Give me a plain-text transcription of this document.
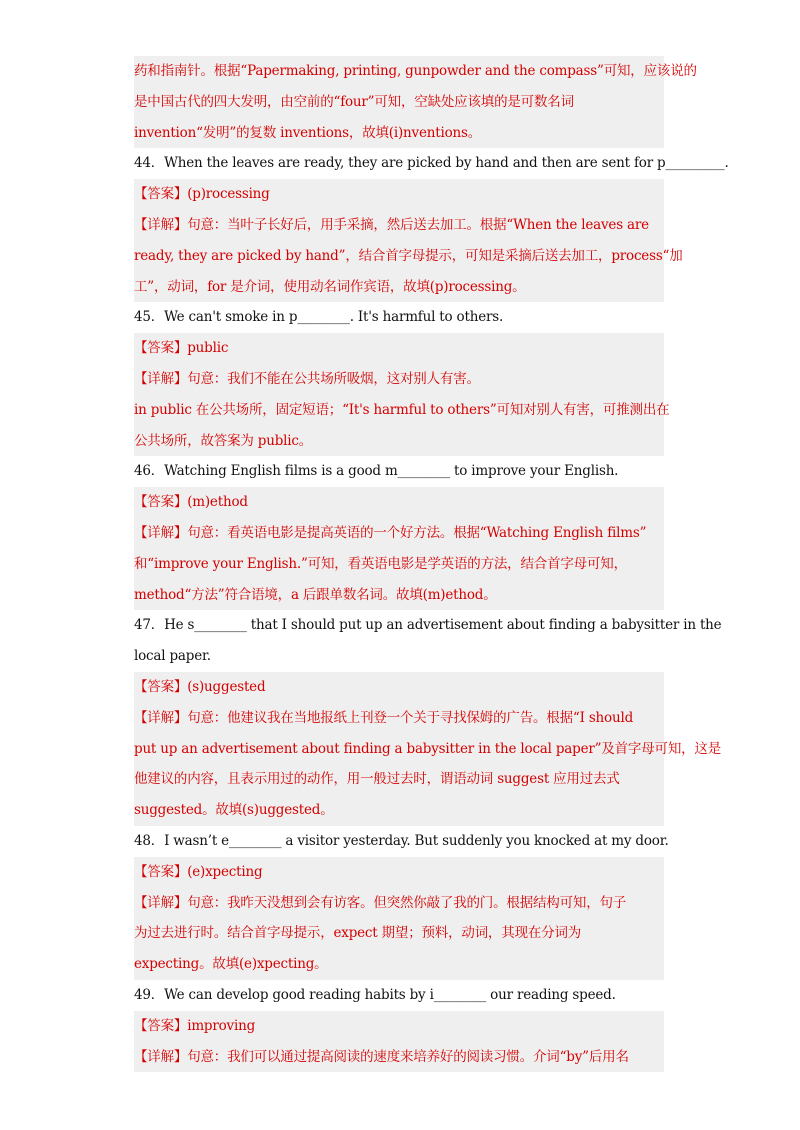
药和指南针。根据“Papermaking, printing, gunpowder and the compass”可知，应该说的
是中国古代的四大发明，由空前的“four”可知，空缺处应该填的是可数名词
invention“发明”的复数 inventions，故填(i)nventions。
44．When the leaves are ready, they are picked by hand and then are sent for p_________.
【答案】(p)rocessing
【详解】句意：当叶子长好后，用手采摘，然后送去加工。根据“When the leaves are
ready, they are picked by hand”，结合首字母提示，可知是采摘后送去加工，process“加
工”，动词，for 是介词，使用动名词作宾语，故填(p)rocessing。
45．We can't smoke in p________. It's harmful to others.
【答案】public
【详解】句意：我们不能在公共场所吸烟，这对别人有害。
in public 在公共场所，固定短语；“It's harmful to others”可知对别人有害，可推测出在
公共场所，故答案为 public。
46．Watching English films is a good m________ to improve your English.
【答案】(m)ethod
【详解】句意：看英语电影是提高英语的一个好方法。根据“Watching English films”
和“improve your English.”可知，看英语电影是学英语的方法，结合首字母可知，
method“方法”符合语境，a 后跟单数名词。故填(m)ethod。
47．He s________ that I should put up an advertisement about finding a babysitter in the
local paper.
【答案】(s)uggested
【详解】句意：他建议我在当地报纸上刊登一个关于寻找保姆的广告。根据“I should
put up an advertisement about finding a babysitter in the local paper”及首字母可知，这是
他建议的内容，且表示用过的动作，用一般过去时，谓语动词 suggest 应用过去式
suggested。故填(s)uggested。
48．I wasn’t e________ a visitor yesterday. But suddenly you knocked at my door.
【答案】(e)xpecting
【详解】句意：我昨天没想到会有访客。但突然你敲了我的门。根据结构可知，句子
为过去进行时。结合首字母提示，expect 期望；预料，动词，其现在分词为
expecting。故填(e)xpecting。
49．We can develop good reading habits by i________ our reading speed.
【答案】improving
【详解】句意：我们可以通过提高阅读的速度来培养好的阅读习惯。介词“by”后用名
